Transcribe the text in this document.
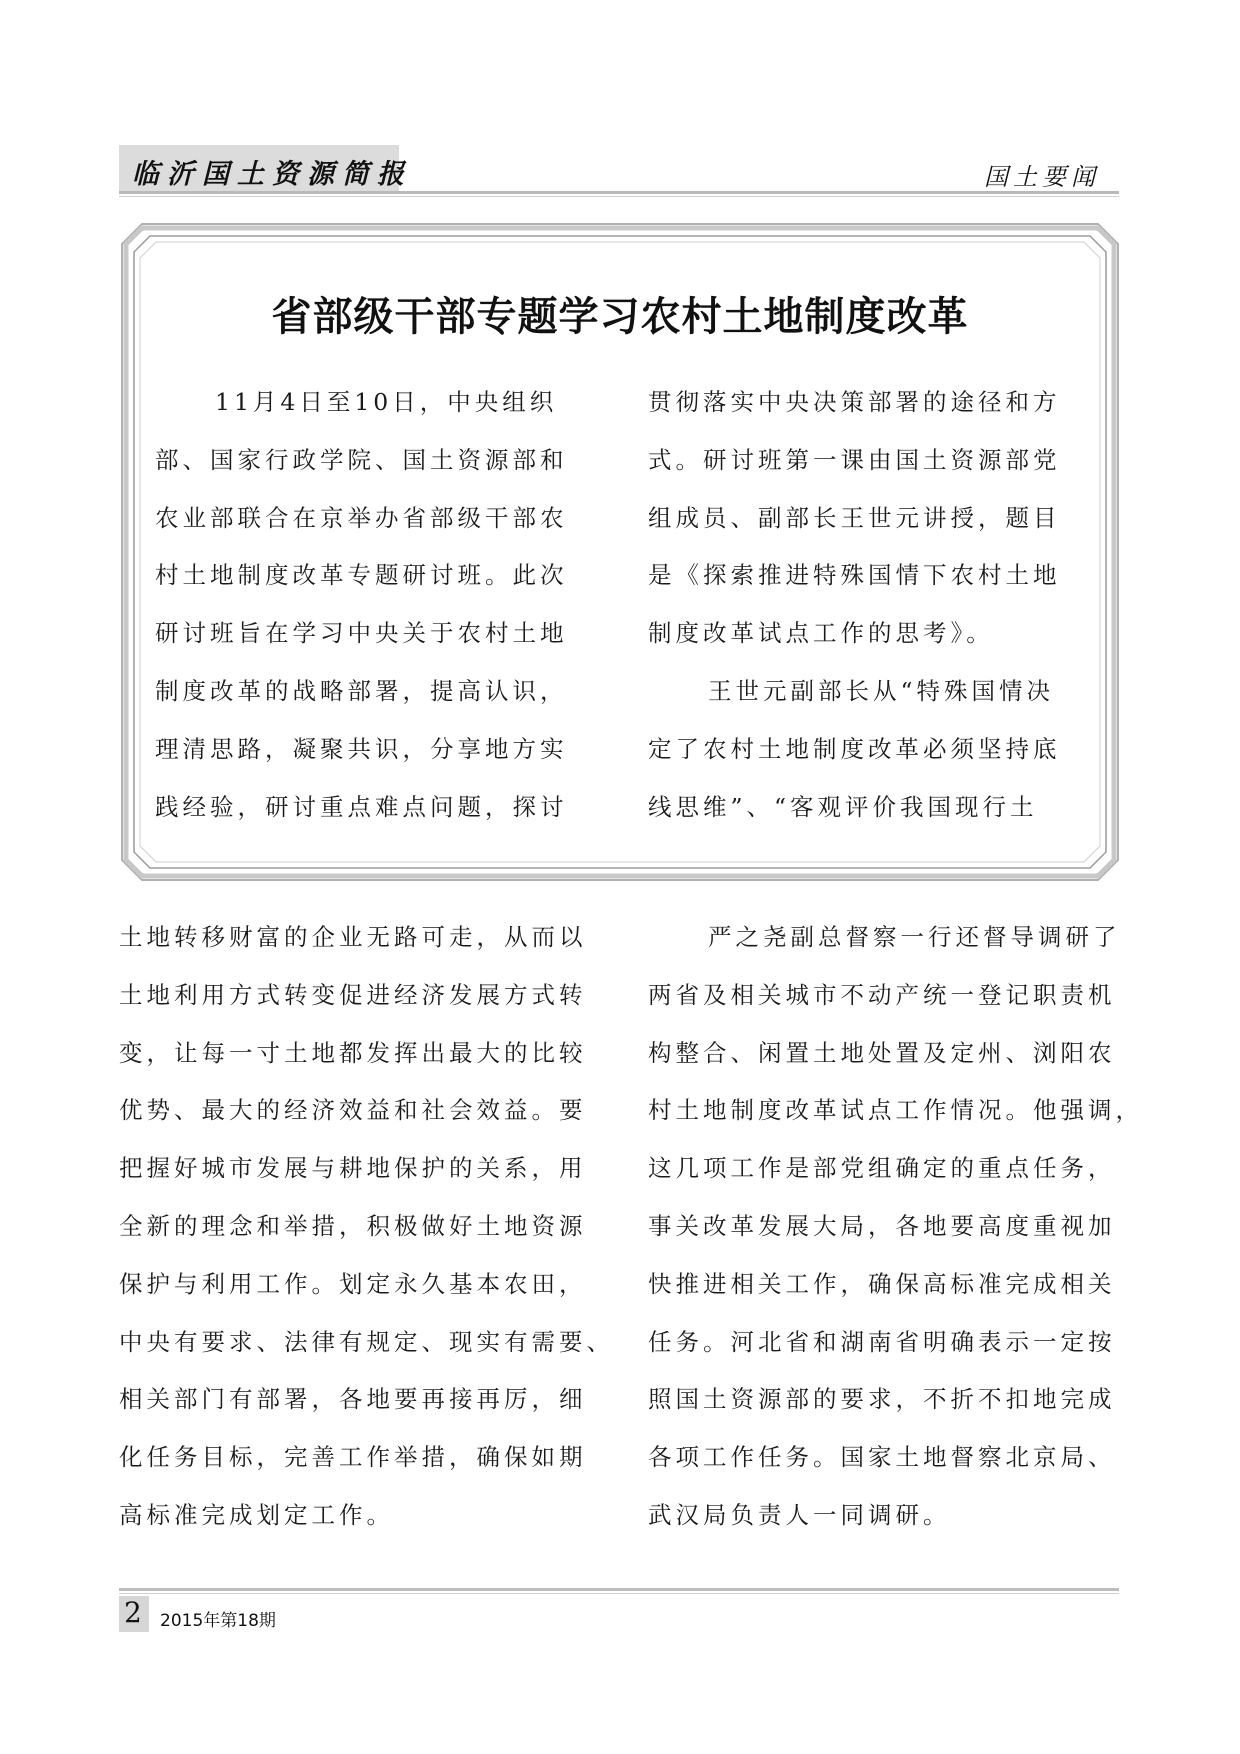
临沂国土资源简报	国土要闻
省部级干部专题学习农村土地制度改革
11月4日至10日，中央组织
部、国家行政学院、国土资源部和
农业部联合在京举办省部级干部农
村土地制度改革专题研讨班。此次
研讨班旨在学习中央关于农村土地
制度改革的战略部署，提高认识，
理清思路，凝聚共识，分享地方实
践经验，研讨重点难点问题，探讨
贯彻落实中央决策部署的途径和方
式。研讨班第一课由国土资源部党
组成员、副部长王世元讲授，题目
是《探索推进特殊国情下农村土地
制度改革试点工作的思考》。
王世元副部长从“特殊国情决
定了农村土地制度改革必须坚持底
线思维”、“客观评价我国现行土
土地转移财富的企业无路可走，从而以
土地利用方式转变促进经济发展方式转
变，让每一寸土地都发挥出最大的比较
优势、最大的经济效益和社会效益。要
把握好城市发展与耕地保护的关系，用
全新的理念和举措，积极做好土地资源
保护与利用工作。划定永久基本农田，
中央有要求、法律有规定、现实有需要、
相关部门有部署，各地要再接再厉，细
化任务目标，完善工作举措，确保如期
高标准完成划定工作。
严之尧副总督察一行还督导调研了
两省及相关城市不动产统一登记职责机
构整合、闲置土地处置及定州、浏阳农
村土地制度改革试点工作情况。他强调，
这几项工作是部党组确定的重点任务，
事关改革发展大局，各地要高度重视加
快推进相关工作，确保高标准完成相关
任务。河北省和湖南省明确表示一定按
照国土资源部的要求，不折不扣地完成
各项工作任务。国家土地督察北京局、
武汉局负责人一同调研。
2 2015年第18期
